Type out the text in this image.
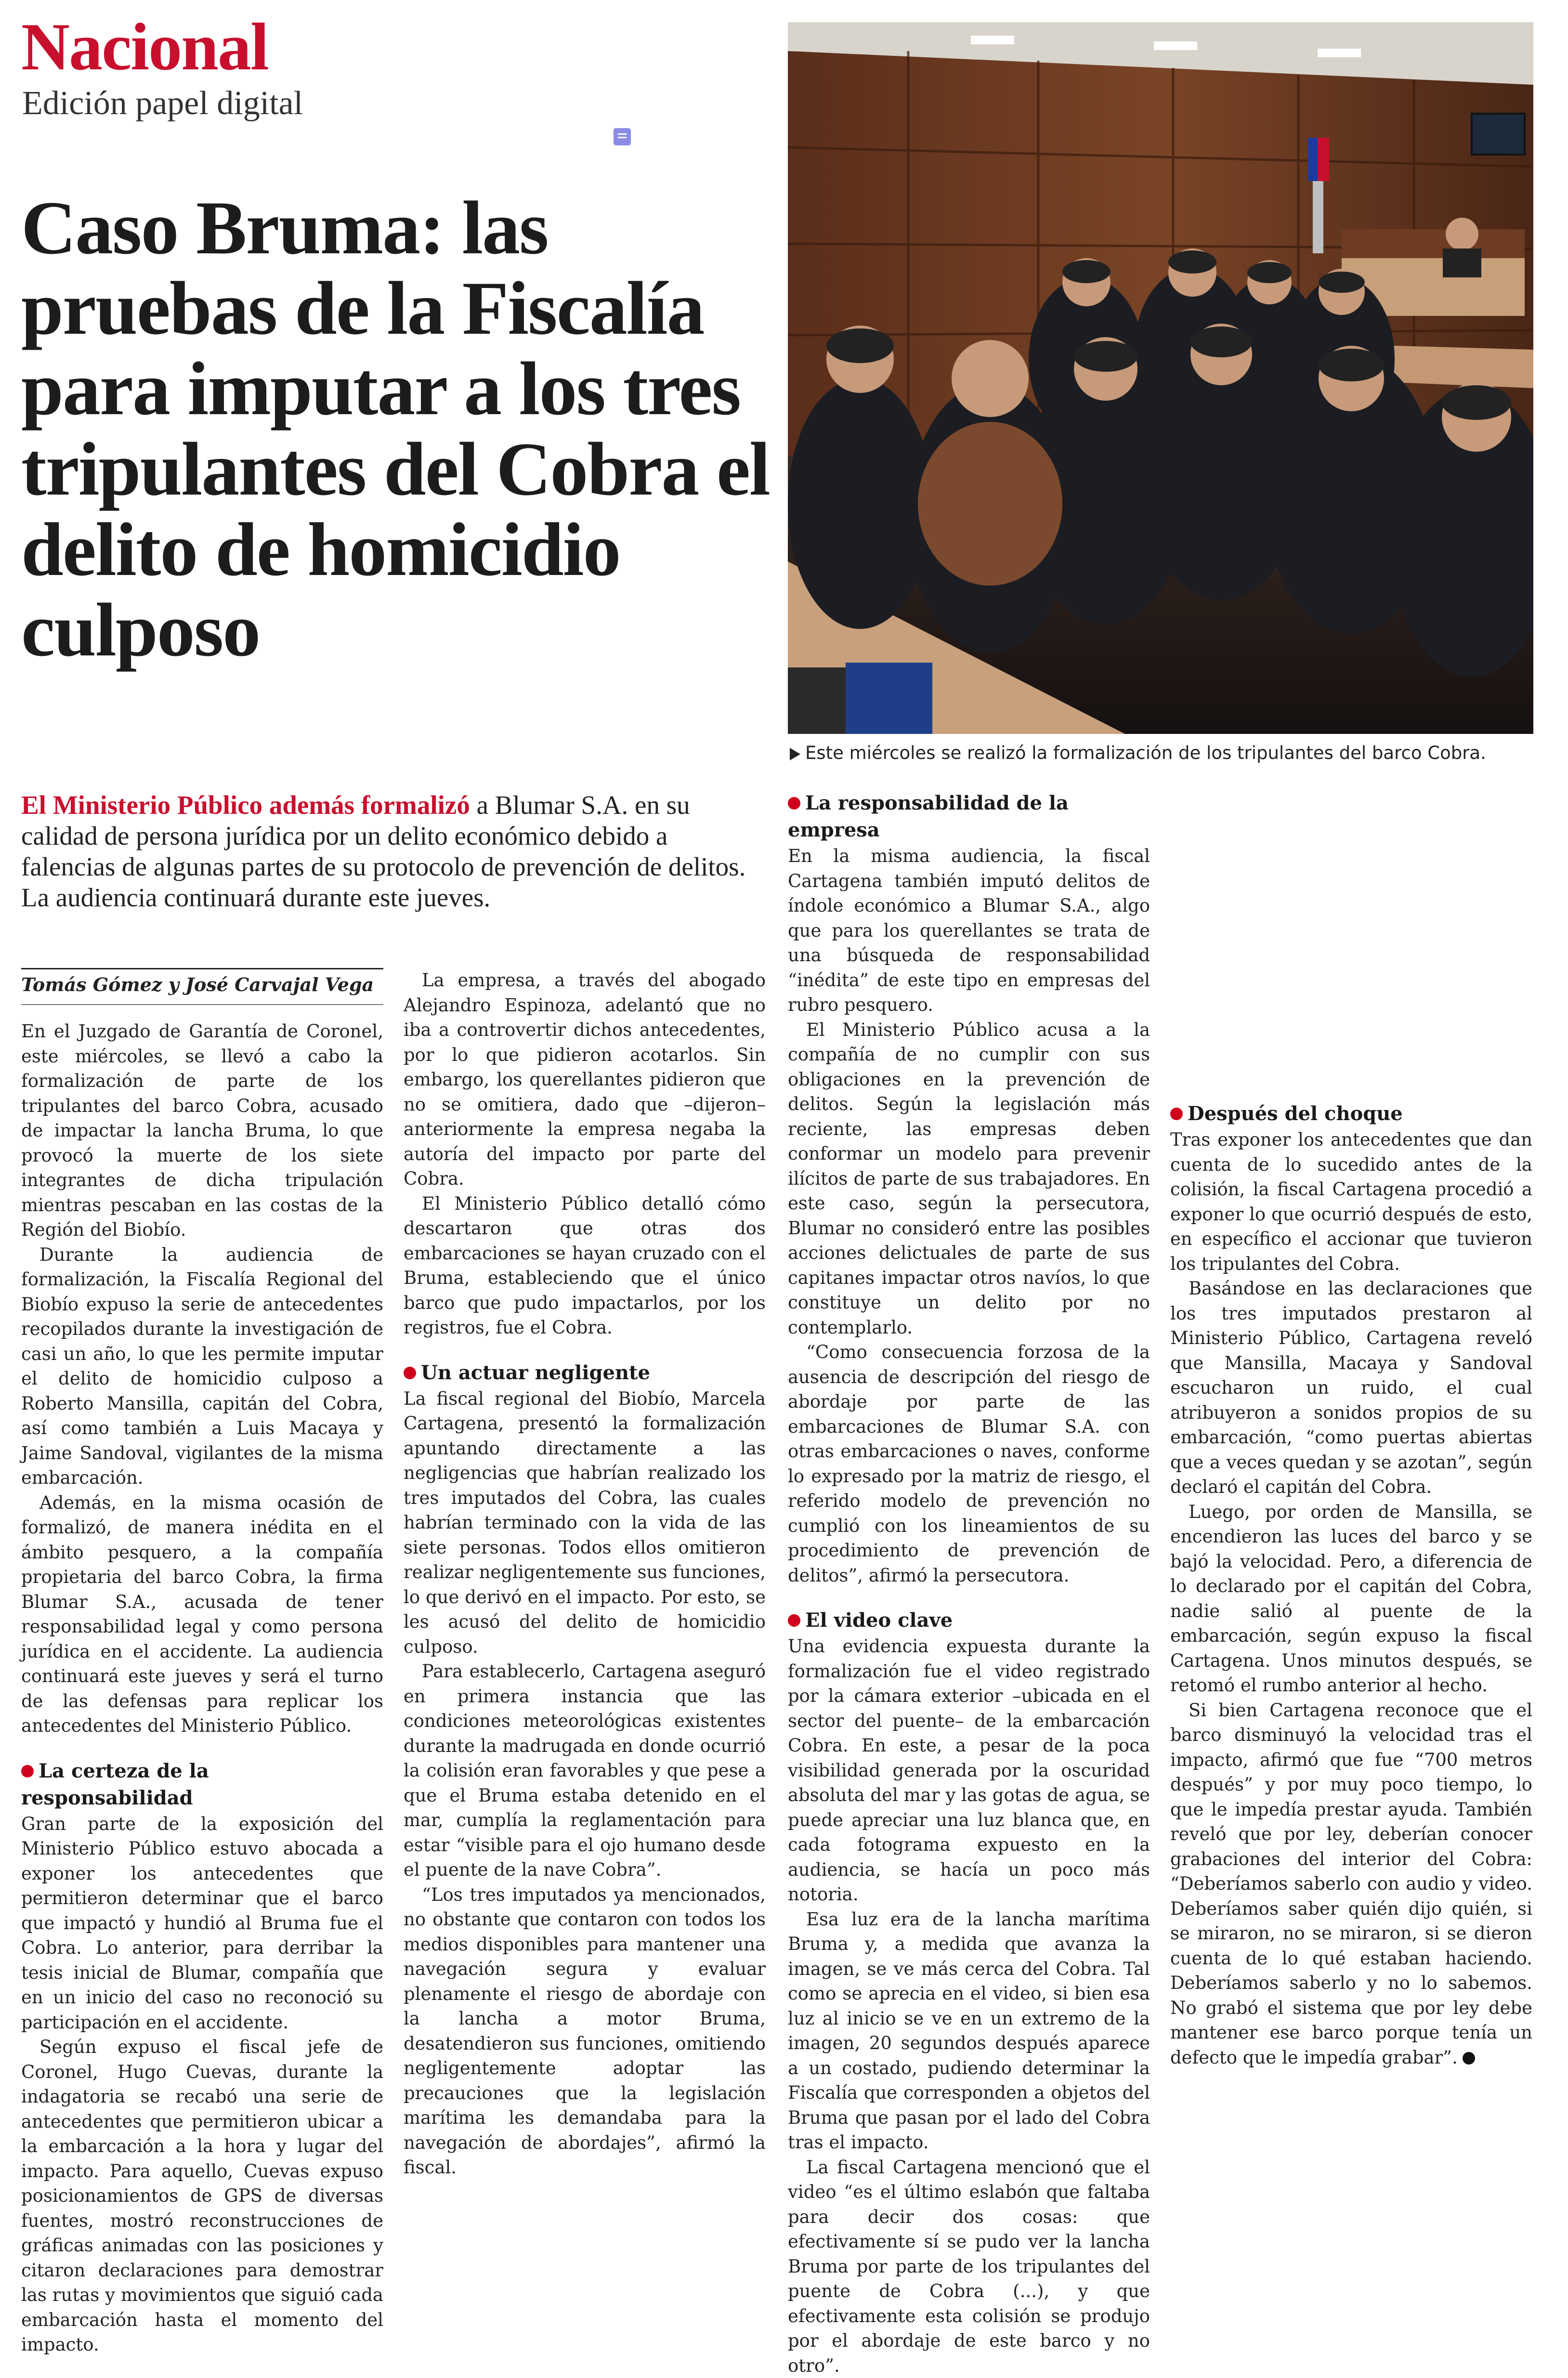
Nacional
Edición papel digital
Caso Bruma: las pruebas de la Fiscalía para imputar a los tres tripulantes del Cobra el delito de homicidio culposo
Este miércoles se realizó la formalización de los tripulantes del barco Cobra.

El Ministerio Público además formalizó a Blumar S.A. en su calidad de persona jurídica por un delito económico debido a falencias de algunas partes de su protocolo de prevención de delitos. La audiencia continuará durante este jueves.

Tomás Gómez y José Carvajal Vega

En el Juzgado de Garantía de Coronel, este miércoles, se llevó a cabo la formalización de parte de los tripulantes del barco Cobra, acusado de impactar la lancha Bruma, lo que provocó la muerte de los siete integrantes de dicha tripulación mientras pescaban en las costas de la Región del Biobío.

Durante la audiencia de formalización, la Fiscalía Regional del Biobío expuso la serie de antecedentes recopilados durante la investigación de casi un año, lo que les permite imputar el delito de homicidio culposo a Roberto Mansilla, capitán del Cobra, así como también a Luis Macaya y Jaime Sandoval, vigilantes de la misma embarcación.

Además, en la misma ocasión de formalizó, de manera inédita en el ámbito pesquero, a la compañía propietaria del barco Cobra, la firma Blumar S.A., acusada de tener responsabilidad legal y como persona jurídica en el accidente. La audiencia continuará este jueves y será el turno de las defensas para replicar los antecedentes del Ministerio Público.

La certeza de la responsabilidad

Gran parte de la exposición del Ministerio Público estuvo abocada a exponer los antecedentes que permitieron determinar que el barco que impactó y hundió al Bruma fue el Cobra. Lo anterior, para derribar la tesis inicial de Blumar, compañía que en un inicio del caso no reconoció su participación en el accidente.

Según expuso el fiscal jefe de Coronel, Hugo Cuevas, durante la indagatoria se recabó una serie de antecedentes que permitieron ubicar a la embarcación a la hora y lugar del impacto. Para aquello, Cuevas expuso posicionamientos de GPS de diversas fuentes, mostró reconstrucciones de gráficas animadas con las posiciones y citaron declaraciones para demostrar las rutas y movimientos que siguió cada embarcación hasta el momento del impacto.

La empresa, a través del abogado Alejandro Espinoza, adelantó que no iba a controvertir dichos antecedentes, por lo que pidieron acotarlos. Sin embargo, los querellantes pidieron que no se omitiera, dado que –dijeron– anteriormente la empresa negaba la autoría del impacto por parte del Cobra.

El Ministerio Público detalló cómo descartaron que otras dos embarcaciones se hayan cruzado con el Bruma, estableciendo que el único barco que pudo impactarlos, por los registros, fue el Cobra.

Un actuar negligente

La fiscal regional del Biobío, Marcela Cartagena, presentó la formalización apuntando directamente a las negligencias que habrían realizado los tres imputados del Cobra, las cuales habrían terminado con la vida de las siete personas. Todos ellos omitieron realizar negligentemente sus funciones, lo que derivó en el impacto. Por esto, se les acusó del delito de homicidio culposo.

Para establecerlo, Cartagena aseguró en primera instancia que las condiciones meteorológicas existentes durante la madrugada en donde ocurrió la colisión eran favorables y que pese a que el Bruma estaba detenido en el mar, cumplía la reglamentación para estar “visible para el ojo humano desde el puente de la nave Cobra”.

“Los tres imputados ya mencionados, no obstante que contaron con todos los medios disponibles para mantener una navegación segura y evaluar plenamente el riesgo de abordaje con la lancha a motor Bruma, desatendieron sus funciones, omitiendo negligentemente adoptar las precauciones que la legislación marítima les demandaba para la navegación de abordajes”, afirmó la fiscal.

La responsabilidad de la empresa

En la misma audiencia, la fiscal Cartagena también imputó delitos de índole económico a Blumar S.A., algo que para los querellantes se trata de una búsqueda de responsabilidad “inédita” de este tipo en empresas del rubro pesquero.

El Ministerio Público acusa a la compañía de no cumplir con sus obligaciones en la prevención de delitos. Según la legislación más reciente, las empresas deben conformar un modelo para prevenir ilícitos de parte de sus trabajadores. En este caso, según la persecutora, Blumar no consideró entre las posibles acciones delictuales de parte de sus capitanes impactar otros navíos, lo que constituye un delito por no contemplarlo.

“Como consecuencia forzosa de la ausencia de descripción del riesgo de abordaje por parte de las embarcaciones de Blumar S.A. con otras embarcaciones o naves, conforme lo expresado por la matriz de riesgo, el referido modelo de prevención no cumplió con los lineamientos de su procedimiento de prevención de delitos”, afirmó la persecutora.

El video clave

Una evidencia expuesta durante la formalización fue el video registrado por la cámara exterior –ubicada en el sector del puente– de la embarcación Cobra. En este, a pesar de la poca visibilidad generada por la oscuridad absoluta del mar y las gotas de agua, se puede apreciar una luz blanca que, en cada fotograma expuesto en la audiencia, se hacía un poco más notoria.

Esa luz era de la lancha marítima Bruma y, a medida que avanza la imagen, se ve más cerca del Cobra. Tal como se aprecia en el video, si bien esa luz al inicio se ve en un extremo de la imagen, 20 segundos después aparece a un costado, pudiendo determinar la Fiscalía que corresponden a objetos del Bruma que pasan por el lado del Cobra tras el impacto.

La fiscal Cartagena mencionó que el video “es el último eslabón que faltaba para decir dos cosas: que efectivamente sí se pudo ver la lancha Bruma por parte de los tripulantes del puente de Cobra (...), y que efectivamente esta colisión se produjo por el abordaje de este barco y no otro”.

Después del choque

Tras exponer los antecedentes que dan cuenta de lo sucedido antes de la colisión, la fiscal Cartagena procedió a exponer lo que ocurrió después de esto, en específico el accionar que tuvieron los tripulantes del Cobra.

Basándose en las declaraciones que los tres imputados prestaron al Ministerio Público, Cartagena reveló que Mansilla, Macaya y Sandoval escucharon un ruido, el cual atribuyeron a sonidos propios de su embarcación, “como puertas abiertas que a veces quedan y se azotan”, según declaró el capitán del Cobra.

Luego, por orden de Mansilla, se encendieron las luces del barco y se bajó la velocidad. Pero, a diferencia de lo declarado por el capitán del Cobra, nadie salió al puente de la embarcación, según expuso la fiscal Cartagena. Unos minutos después, se retomó el rumbo anterior al hecho.

Si bien Cartagena reconoce que el barco disminuyó la velocidad tras el impacto, afirmó que fue “700 metros después” y por muy poco tiempo, lo que le impedía prestar ayuda. También reveló que por ley, deberían conocer grabaciones del interior del Cobra: “Deberíamos saberlo con audio y video. Deberíamos saber quién dijo quién, si se miraron, no se miraron, si se dieron cuenta de lo qué estaban haciendo. Deberíamos saberlo y no lo sabemos. No grabó el sistema que por ley debe mantener ese barco porque tenía un defecto que le impedía grabar”.
